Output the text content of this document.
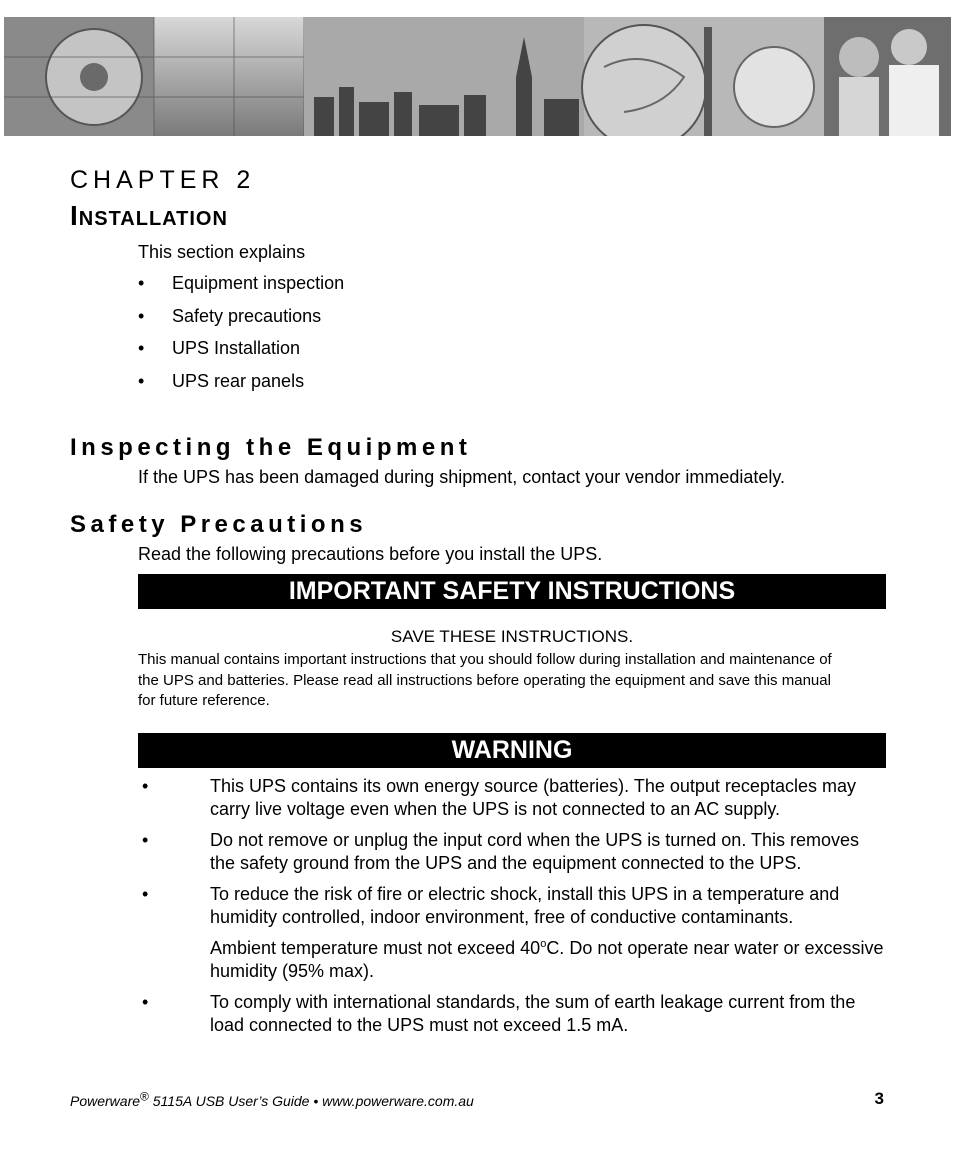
CHAPTER 2
Installation
This section explains
•	Equipment inspection
•	Safety precautions
•	UPS Installation
•	UPS rear panels
Inspecting the Equipment
If the UPS has been damaged during shipment, contact your vendor immediately.
Safety Precautions
Read the following precautions before you install the UPS.
IMPORTANT SAFETY INSTRUCTIONS
SAVE THESE INSTRUCTIONS.
This manual contains important instructions that you should follow during installation and maintenance of the UPS and batteries. Please read all instructions before operating the equipment and save this manual for future reference.
WARNING
•	This UPS contains its own energy source (batteries). The output receptacles may carry live voltage even when the UPS is not connected to an AC supply.

•	Do not remove or unplug the input cord when the UPS is turned on. This removes the safety ground from the UPS and the equipment connected to the UPS.

•	To reduce the risk of fire or electric shock, install this UPS in a temperature and humidity controlled, indoor environment, free of conductive contaminants.

Ambient temperature must not exceed 40$^o$C. Do not operate near water or excessive humidity (95% max).

•	To comply with international standards, the sum of earth leakage current from the load connected to the UPS must not exceed 1.5 mA.

Powerware® 5115A USB User’s Guide • www.powerware.com.au	3
